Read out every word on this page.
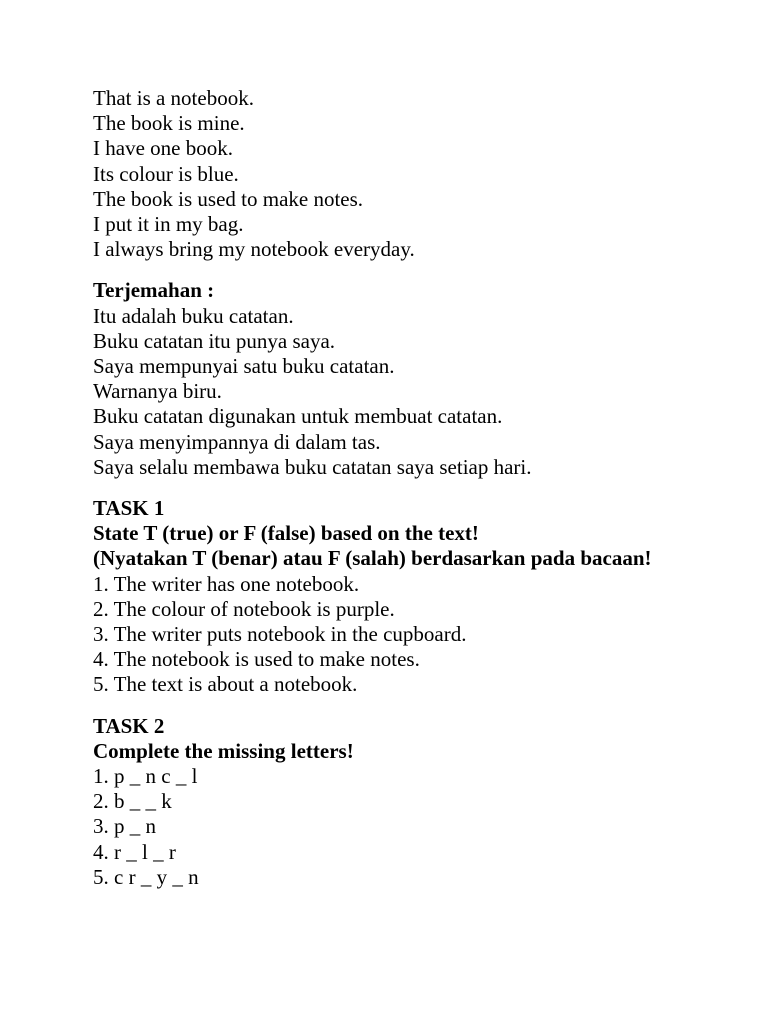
That is a notebook.
The book is mine.
I have one book.
Its colour is blue.
The book is used to make notes.
I put it in my bag.
I always bring my notebook everyday.
Terjemahan :
Itu adalah buku catatan.
Buku catatan itu punya saya.
Saya mempunyai satu buku catatan.
Warnanya biru.
Buku catatan digunakan untuk membuat catatan.
Saya menyimpannya di dalam tas.
Saya selalu membawa buku catatan saya setiap hari.
TASK 1
State T (true) or F (false) based on the text!
(Nyatakan T (benar) atau F (salah) berdasarkan pada bacaan!
1. The writer has one notebook.
2. The colour of notebook is purple.
3. The writer puts notebook in the cupboard.
4. The notebook is used to make notes.
5. The text is about a notebook.
TASK 2
Complete the missing letters!
1. p _ n c _ l
2. b _ _ k
3. p _ n
4. r _ l _ r
5. c r _ y _ n
